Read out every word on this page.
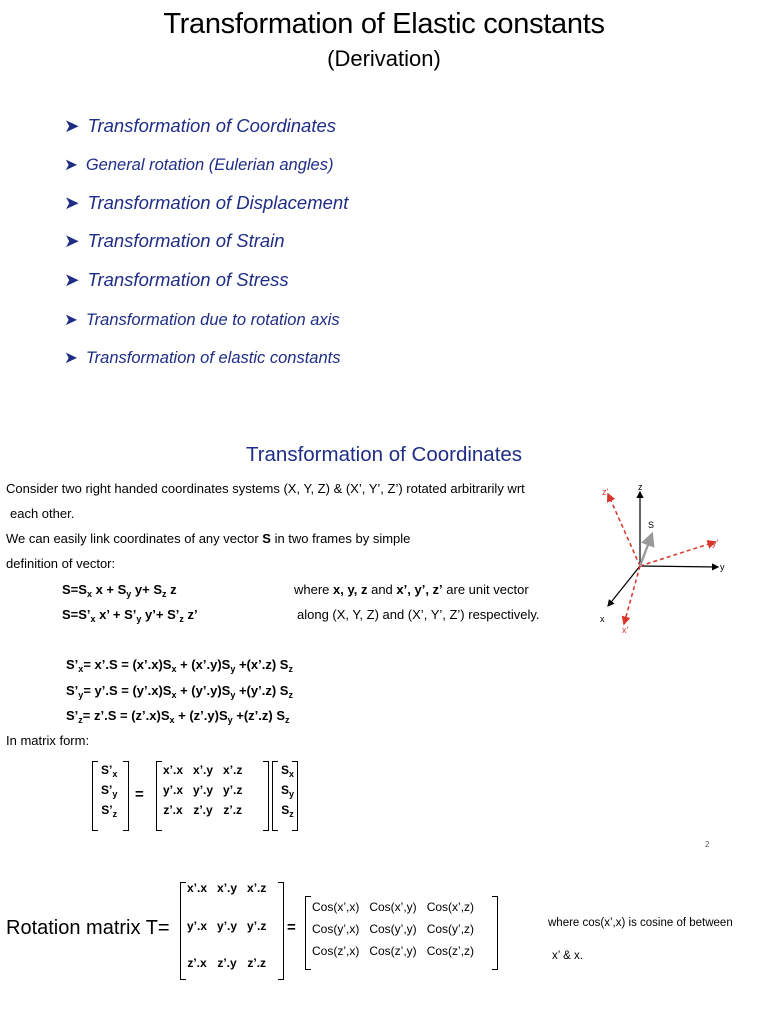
Transformation of Elastic constants
(Derivation)
➤ Transformation of Coordinates
➤ General rotation (Eulerian angles)
➤ Transformation of Displacement
➤ Transformation of Strain
➤ Transformation of Stress
➤ Transformation due to rotation axis
➤ Transformation of elastic constants
Transformation of Coordinates
Consider two right handed coordinates systems (X, Y, Z) & (X’, Y’, Z’) rotated arbitrarily wrt
each other.
We can easily link coordinates of any vector S in two frames by simple
definition of vector:
$S=S_x$ $x + S_y$ $y+ S_z$ z
$S=S’_x$ x’ + $S’_y$ y’+ $S’_z$ z’
where x, y, z and x’, y’, z’ are unit vector
along (X, Y, Z) and (X’, Y’, Z’) respectively.
$S’_x=$ x’.S = $(x’.x)S_x$ + $(x’.y)S_y$ +(x’.z) $S_z$
$S’_y=$ y’.S = $(y’.x)S_x$ + $(y’.y)S_y$ +(y’.z) $S_z$
$S’_z=$ z’.S = $(z’.x)S_x$ + $(z’.y)S_y$ +(z’.z) $S_z$
In matrix form:
$S’_x$
$S’_y$
$S’_z$
=
x’.x	x’.y	x’.z
y’.x	y’.y	y’.z
z’.x	z’.y	z’.z
$S_x$
$S_y$
$S_z$
2
z
y
x
z'
y'
x'
S
Rotation matrix T=
x’.x	x’.y	x’.z
y’.x	y’.y	y’.z
z’.x	z’.y	z’.z
=
Cos(x’,x)	Cos(x’,y)	Cos(x’,z)
Cos(y’,x)	Cos(y’,y)	Cos(y’,z)
Cos(z’,x)	Cos(z’,y)	Cos(z’,z)
where cos(x’,x) is cosine of between
x’ & x.
